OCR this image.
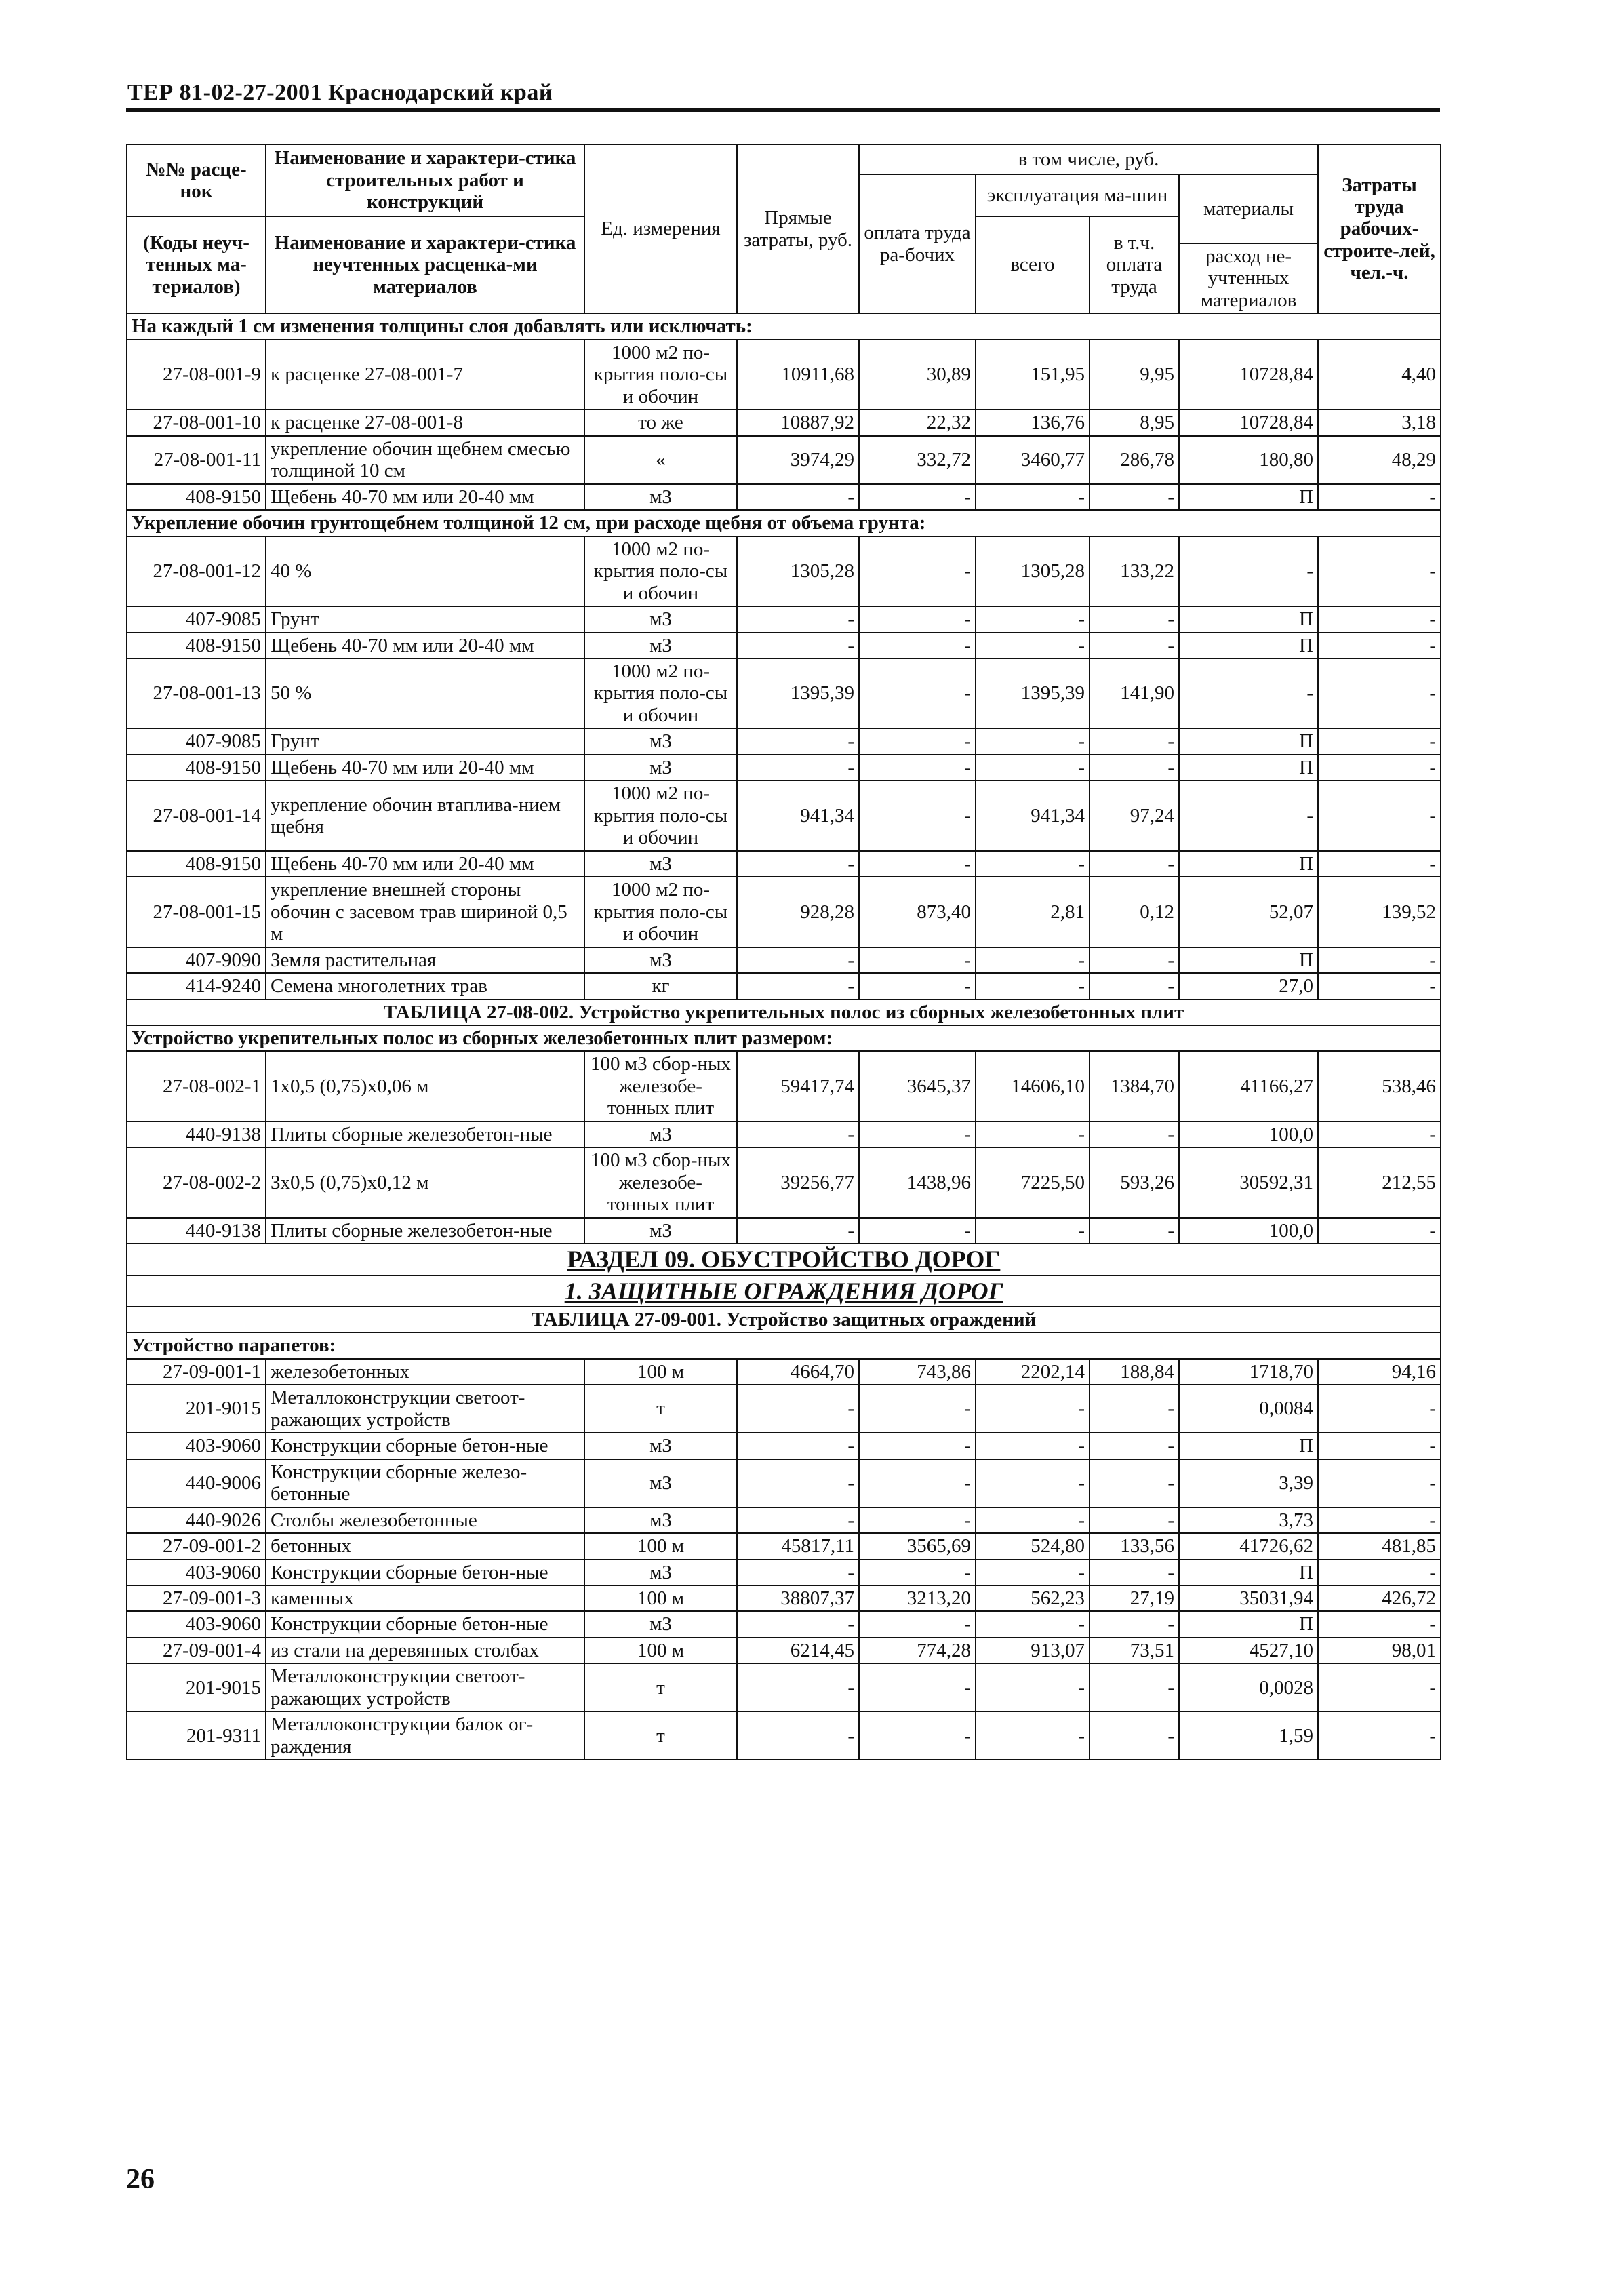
ТЕР 81-02-27-2001 Краснодарский край
№№ расце-нок	Наименование и характери-стика строительных работ и конструкций	Ед. измерения	Прямые затраты, руб.	в том числе, руб.				Затраты труда рабочих-строите-лей, чел.-ч.
				оплата труда ра-бочих	эксплуатация ма-шин		материалы	
(Коды неуч-тенных ма-териалов)	Наименование и характери-стика неучтенных расценка-ми материалов				всего	в т.ч. оплата труда		
							расход не-учтенных материалов	
На каждый 1 см изменения толщины слоя добавлять или исключать:								
27-08-001-9	к расценке 27-08-001-7	1000 м2 по-крытия поло-сы и обочин	10911,68	30,89	151,95	9,95	10728,84	4,40
27-08-001-10	к расценке 27-08-001-8	то же	10887,92	22,32	136,76	8,95	10728,84	3,18
27-08-001-11	укрепление обочин щебнем смесью толщиной 10 см	«	3974,29	332,72	3460,77	286,78	180,80	48,29
408-9150	Щебень 40-70 мм или 20-40 мм	м3	-	-	-	-	П	-
Укрепление обочин грунтощебнем толщиной 12 см, при расходе щебня от объема грунта:								
27-08-001-12	40 %	1000 м2 по-крытия поло-сы и обочин	1305,28	-	1305,28	133,22	-	-
407-9085	Грунт	м3	-	-	-	-	П	-
408-9150	Щебень 40-70 мм или 20-40 мм	м3	-	-	-	-	П	-
27-08-001-13	50 %	1000 м2 по-крытия поло-сы и обочин	1395,39	-	1395,39	141,90	-	-
407-9085	Грунт	м3	-	-	-	-	П	-
408-9150	Щебень 40-70 мм или 20-40 мм	м3	-	-	-	-	П	-
27-08-001-14	укрепление обочин втаплива-нием щебня	1000 м2 по-крытия поло-сы и обочин	941,34	-	941,34	97,24	-	-
408-9150	Щебень 40-70 мм или 20-40 мм	м3	-	-	-	-	П	-
27-08-001-15	укрепление внешней стороны обочин с засевом трав шириной 0,5 м	1000 м2 по-крытия поло-сы и обочин	928,28	873,40	2,81	0,12	52,07	139,52
407-9090	Земля растительная	м3	-	-	-	-	П	-
414-9240	Семена многолетних трав	кг	-	-	-	-	27,0	-
ТАБЛИЦА 27-08-002. Устройство укрепительных полос из сборных железобетонных плит								
Устройство укрепительных полос из сборных железобетонных плит размером:								
27-08-002-1	1х0,5 (0,75)х0,06 м	100 м3 сбор-ных железобе-тонных плит	59417,74	3645,37	14606,10	1384,70	41166,27	538,46
440-9138	Плиты сборные железобетон-ные	м3	-	-	-	-	100,0	-
27-08-002-2	3х0,5 (0,75)х0,12 м	100 м3 сбор-ных железобе-тонных плит	39256,77	1438,96	7225,50	593,26	30592,31	212,55
440-9138	Плиты сборные железобетон-ные	м3	-	-	-	-	100,0	-
РАЗДЕЛ 09. ОБУСТРОЙСТВО ДОРОГ								
1. ЗАЩИТНЫЕ ОГРАЖДЕНИЯ ДОРОГ								
ТАБЛИЦА 27-09-001. Устройство защитных ограждений								
Устройство парапетов:								
27-09-001-1	железобетонных	100 м	4664,70	743,86	2202,14	188,84	1718,70	94,16
201-9015	Металлоконструкции светоот-ражающих устройств	т	-	-	-	-	0,0084	-
403-9060	Конструкции сборные бетон-ные	м3	-	-	-	-	П	-
440-9006	Конструкции сборные железо-бетонные	м3	-	-	-	-	3,39	-
440-9026	Столбы железобетонные	м3	-	-	-	-	3,73	-
27-09-001-2	бетонных	100 м	45817,11	3565,69	524,80	133,56	41726,62	481,85
403-9060	Конструкции сборные бетон-ные	м3	-	-	-	-	П	-
27-09-001-3	каменных	100 м	38807,37	3213,20	562,23	27,19	35031,94	426,72
403-9060	Конструкции сборные бетон-ные	м3	-	-	-	-	П	-
27-09-001-4	из стали на деревянных столбах	100 м	6214,45	774,28	913,07	73,51	4527,10	98,01
201-9015	Металлоконструкции светоот-ражающих устройств	т	-	-	-	-	0,0028	-
201-9311	Металлоконструкции балок ог-раждения	т	-	-	-	-	1,59	-
26
